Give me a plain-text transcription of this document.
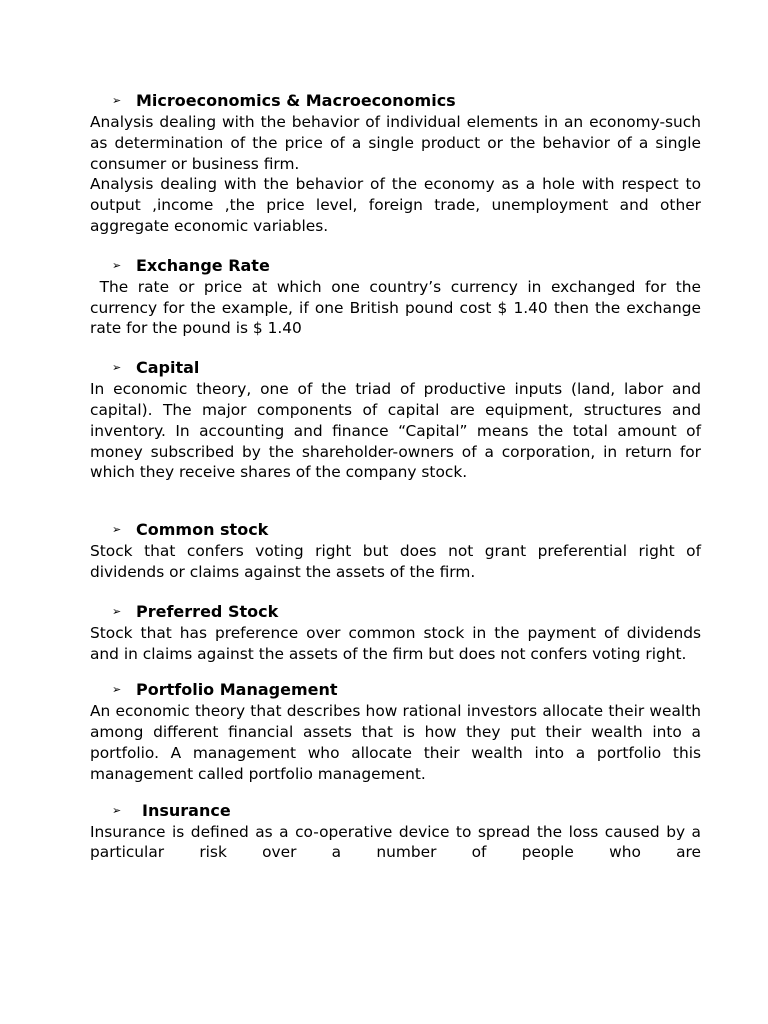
➢ Microeconomics & Macroeconomics

Analysis dealing with the behavior of individual elements in an economy-such as determination of the price of a single product or the behavior of a single consumer or business firm.

Analysis dealing with the behavior of the economy as a hole with respect to output ,income ,the price level, foreign trade, unemployment and other aggregate economic variables.

➢ Exchange Rate

The rate or price at which one country’s currency in exchanged for the currency for the example, if one British pound cost $ 1.40 then the exchange rate for the pound is $ 1.40

➢ Capital

In economic theory, one of the triad of productive inputs (land, labor and capital). The major components of capital are equipment, structures and inventory. In accounting and finance “Capital” means the total amount of money subscribed by the shareholder-owners of a corporation, in return for which they receive shares of the company stock.

➢ Common stock

Stock that confers voting right but does not grant preferential right of dividends or claims against the assets of the firm.

➢ Preferred Stock

Stock that has preference over common stock in the payment of dividends and in claims against the assets of the firm but does not confers voting right.

➢ Portfolio Management

An economic theory that describes how rational investors allocate their wealth among different financial assets that is how they put their wealth into a portfolio. A management who allocate their wealth into a portfolio this management called portfolio management.

➢ Insurance

Insurance is defined as a co-operative device to spread the loss caused by a particular risk over a number of people who are
